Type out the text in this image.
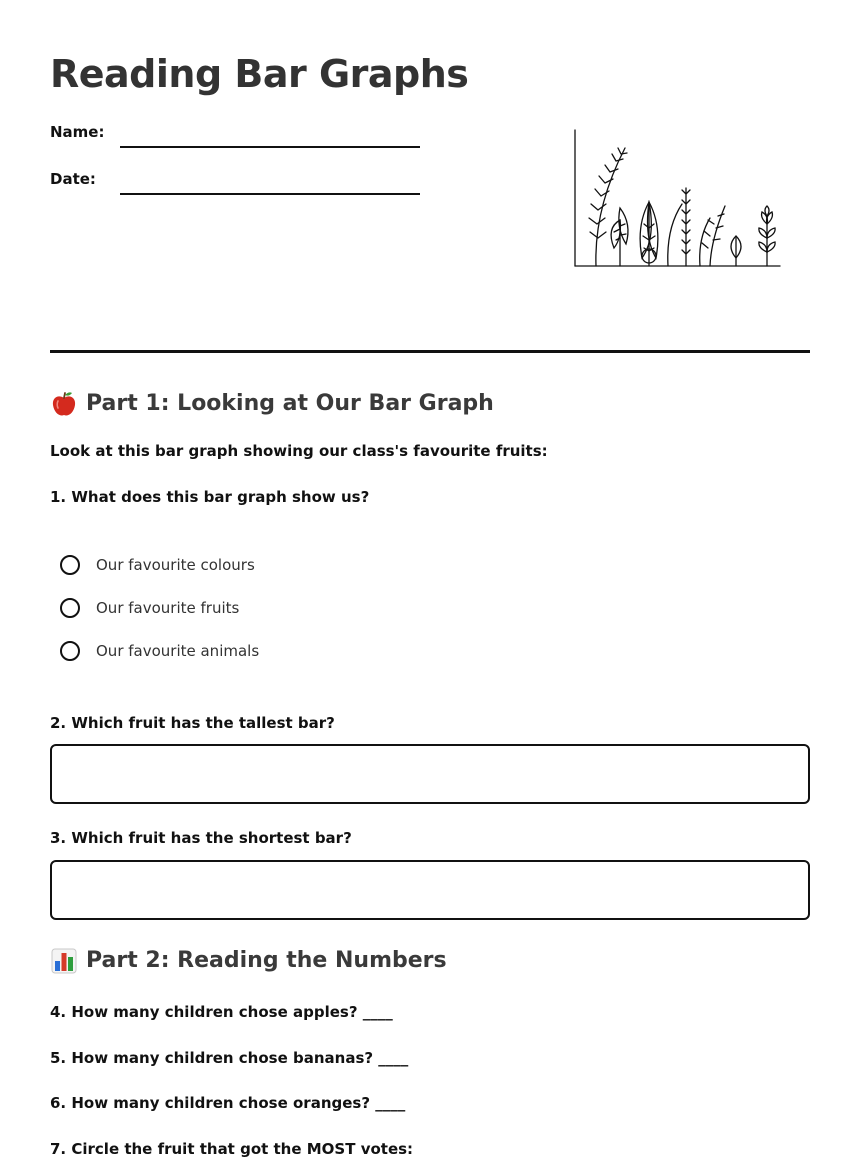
Reading Bar Graphs
Name:
Date:
Part 1: Looking at Our Bar Graph

Look at this bar graph showing our class's favourite fruits:

1. What does this bar graph show us?

Our favourite colours
Our favourite fruits
Our favourite animals

2. Which fruit has the tallest bar?

3. Which fruit has the shortest bar?

Part 2: Reading the Numbers

4. How many children chose apples? ____

5. How many children chose bananas? ____

6. How many children chose oranges? ____

7. Circle the fruit that got the MOST votes:
